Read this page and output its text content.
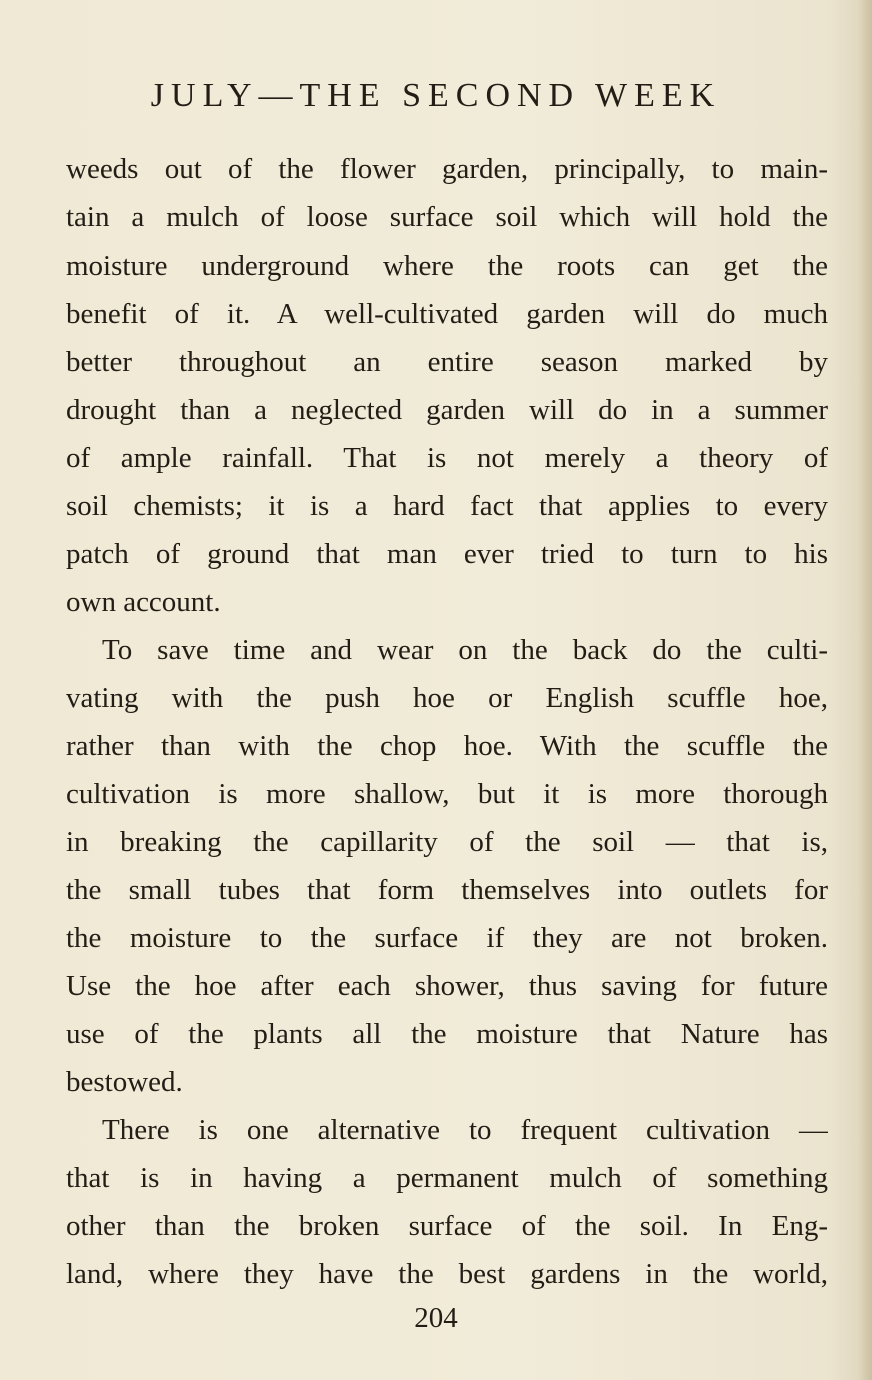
JULY—THE SECOND WEEK
weeds out of the flower garden, principally, to main-
tain a mulch of loose surface soil which will hold the
moisture underground where the roots can get the
benefit of it. A well-cultivated garden will do much
better throughout an entire season marked by
drought than a neglected garden will do in a summer
of ample rainfall. That is not merely a theory of
soil chemists; it is a hard fact that applies to every
patch of ground that man ever tried to turn to his
own account.
To save time and wear on the back do the culti-
vating with the push hoe or English scuffle hoe,
rather than with the chop hoe. With the scuffle the
cultivation is more shallow, but it is more thorough
in breaking the capillarity of the soil — that is,
the small tubes that form themselves into outlets for
the moisture to the surface if they are not broken.
Use the hoe after each shower, thus saving for future
use of the plants all the moisture that Nature has
bestowed.
There is one alternative to frequent cultivation —
that is in having a permanent mulch of something
other than the broken surface of the soil. In Eng-
land, where they have the best gardens in the world,
204
